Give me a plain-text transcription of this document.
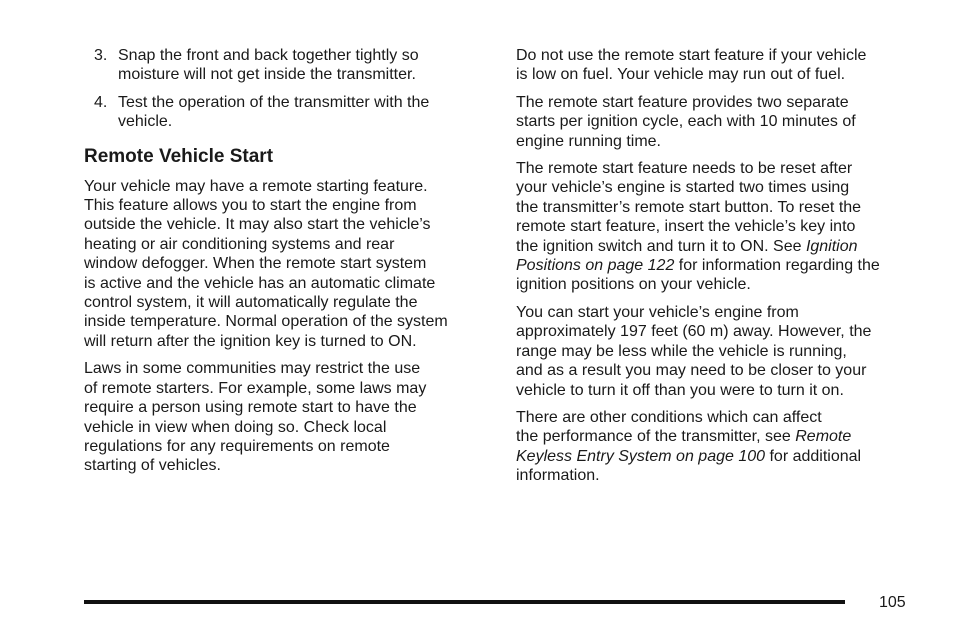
3. Snap the front and back together tightly so moisture will not get inside the transmitter.
4. Test the operation of the transmitter with the vehicle.
Remote Vehicle Start

Your vehicle may have a remote starting feature.
This feature allows you to start the engine from
outside the vehicle. It may also start the vehicle’s
heating or air conditioning systems and rear
window defogger. When the remote start system
is active and the vehicle has an automatic climate
control system, it will automatically regulate the
inside temperature. Normal operation of the system
will return after the ignition key is turned to ON.

Laws in some communities may restrict the use
of remote starters. For example, some laws may
require a person using remote start to have the
vehicle in view when doing so. Check local
regulations for any requirements on remote
starting of vehicles.

Do not use the remote start feature if your vehicle
is low on fuel. Your vehicle may run out of fuel.

The remote start feature provides two separate
starts per ignition cycle, each with 10 minutes of
engine running time.

The remote start feature needs to be reset after
your vehicle’s engine is started two times using
the transmitter’s remote start button. To reset the
remote start feature, insert the vehicle’s key into
the ignition switch and turn it to ON. See Ignition
Positions on page 122 for information regarding the
ignition positions on your vehicle.

You can start your vehicle’s engine from
approximately 197 feet (60 m) away. However, the
range may be less while the vehicle is running,
and as a result you may need to be closer to your
vehicle to turn it off than you were to turn it on.

There are other conditions which can affect
the performance of the transmitter, see Remote
Keyless Entry System on page 100 for additional
information.

105
